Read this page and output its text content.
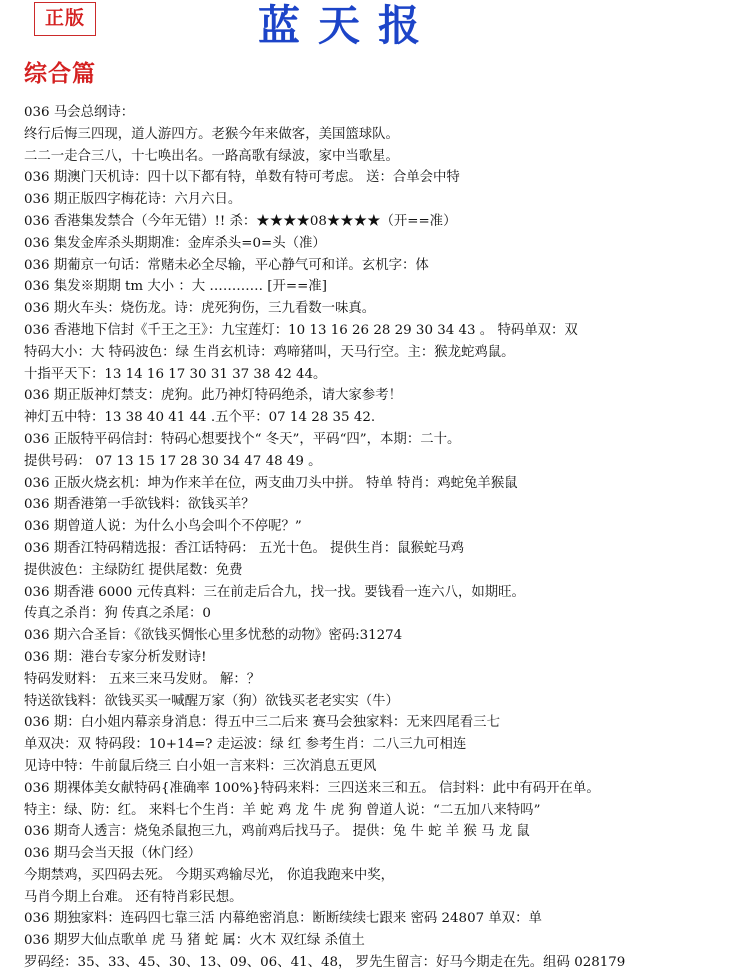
正版	蓝天报
综合篇
036 马会总纲诗：
终行后悔三四现，道人游四方。老猴今年来做客，美国篮球队。
二二一走合三八，十七唤出名。一路高歌有绿波，家中当歌星。
036 期澳门天机诗：四十以下都有特，单数有特可考虑。 送：合单会中特
036 期正版四字梅花诗：六月六日。
036 香港集发禁合（今年无错）!! 杀：★★★★08★★★★（开==准）
036 集发金库杀头期期准：金库杀头=0=头（准）
036 期葡京一句话：常赌未必全尽输，平心静气可和详。玄机字：体
036 集发※期期 tm 大小 ：大 ………… [开==准]
036 期火车头：烧伤龙。诗：虎死狗伤，三九看数一味真。
036 香港地下信封《千王之王》：九宝莲灯：10 13 16 26 28 29 30 34 43 。 特码单双：双
特码大小：大 特码波色：绿 生肖玄机诗：鸡啼猪叫，天马行空。主：猴龙蛇鸡鼠。
十指平天下：13 14 16 17 30 31 37 38 42 44。
036 期正版神灯禁支：虎狗。此乃神灯特码绝杀，请大家参考！
神灯五中特：13 38 40 41 44 .五个平：07 14 28 35 42.
036 正版特平码信封：特码心想要找个“ 冬天”，平码“四”，本期：二十。
提供号码： 07 13 15 17 28 30 34 47 48 49 。
036 正版火烧玄机：坤为作来羊在位，两支曲刀头中拼。 特单 特肖：鸡蛇兔羊猴鼠
036 期香港第一手欲钱料：欲钱买羊？
036 期曾道人说：为什么小鸟会叫个不停呢？”
036 期香江特码精选报：香江话特码： 五光十色。 提供生肖：鼠猴蛇马鸡
提供波色：主绿防红 提供尾数：免费
036 期香港 6000 元传真料：三在前走后合九，找一找。要钱看一连六八，如期旺。
传真之杀肖：狗 传真之杀尾：0
036 期六合圣旨：《欲钱买惆怅心里多忧愁的动物》密码:31274
036 期：港台专家分析发财诗!
特码发财料： 五来三来马发财。 解：？
特送欲钱料：欲钱买买一喊醒万家（狗）欲钱买老老实实（牛）
036 期：白小姐内幕亲身消息：得五中三二后来 赛马会独家料：无来四尾看三七
单双决：双 特码段：10+14=? 走运波：绿 红 参考生肖：二八三九可相连
见诗中特：牛前鼠后绕三 白小姐一言来料：三次消息五更风
036 期裸体美女献特码{准确率 100%}特码来料：三四送来三和五。 信封料：此中有码开在单。
特主：绿、防：红。 来料七个生肖：羊 蛇 鸡 龙 牛 虎 狗 曾道人说：“二五加八来特吗”
036 期奇人透言：烧兔杀鼠抱三九，鸡前鸡后找马子。 提供：兔 牛 蛇 羊 猴 马 龙 鼠
036 期马会当天报（休门经）
今期禁鸡，买四码去死。 今期买鸡输尽光， 你追我跑来中奖，
马肖今期上台难。 还有特肖彩民想。
036 期独家料：连码四七靠三活 内幕绝密消息：断断续续七跟来 密码 24807 单双：单
036 期罗大仙点歌单 虎 马 猪 蛇 属：火木 双红绿 杀值土
罗码经：35、33、45、30、13、09、06、41、48， 罗先生留言：好马今期走在先。组码 028179
